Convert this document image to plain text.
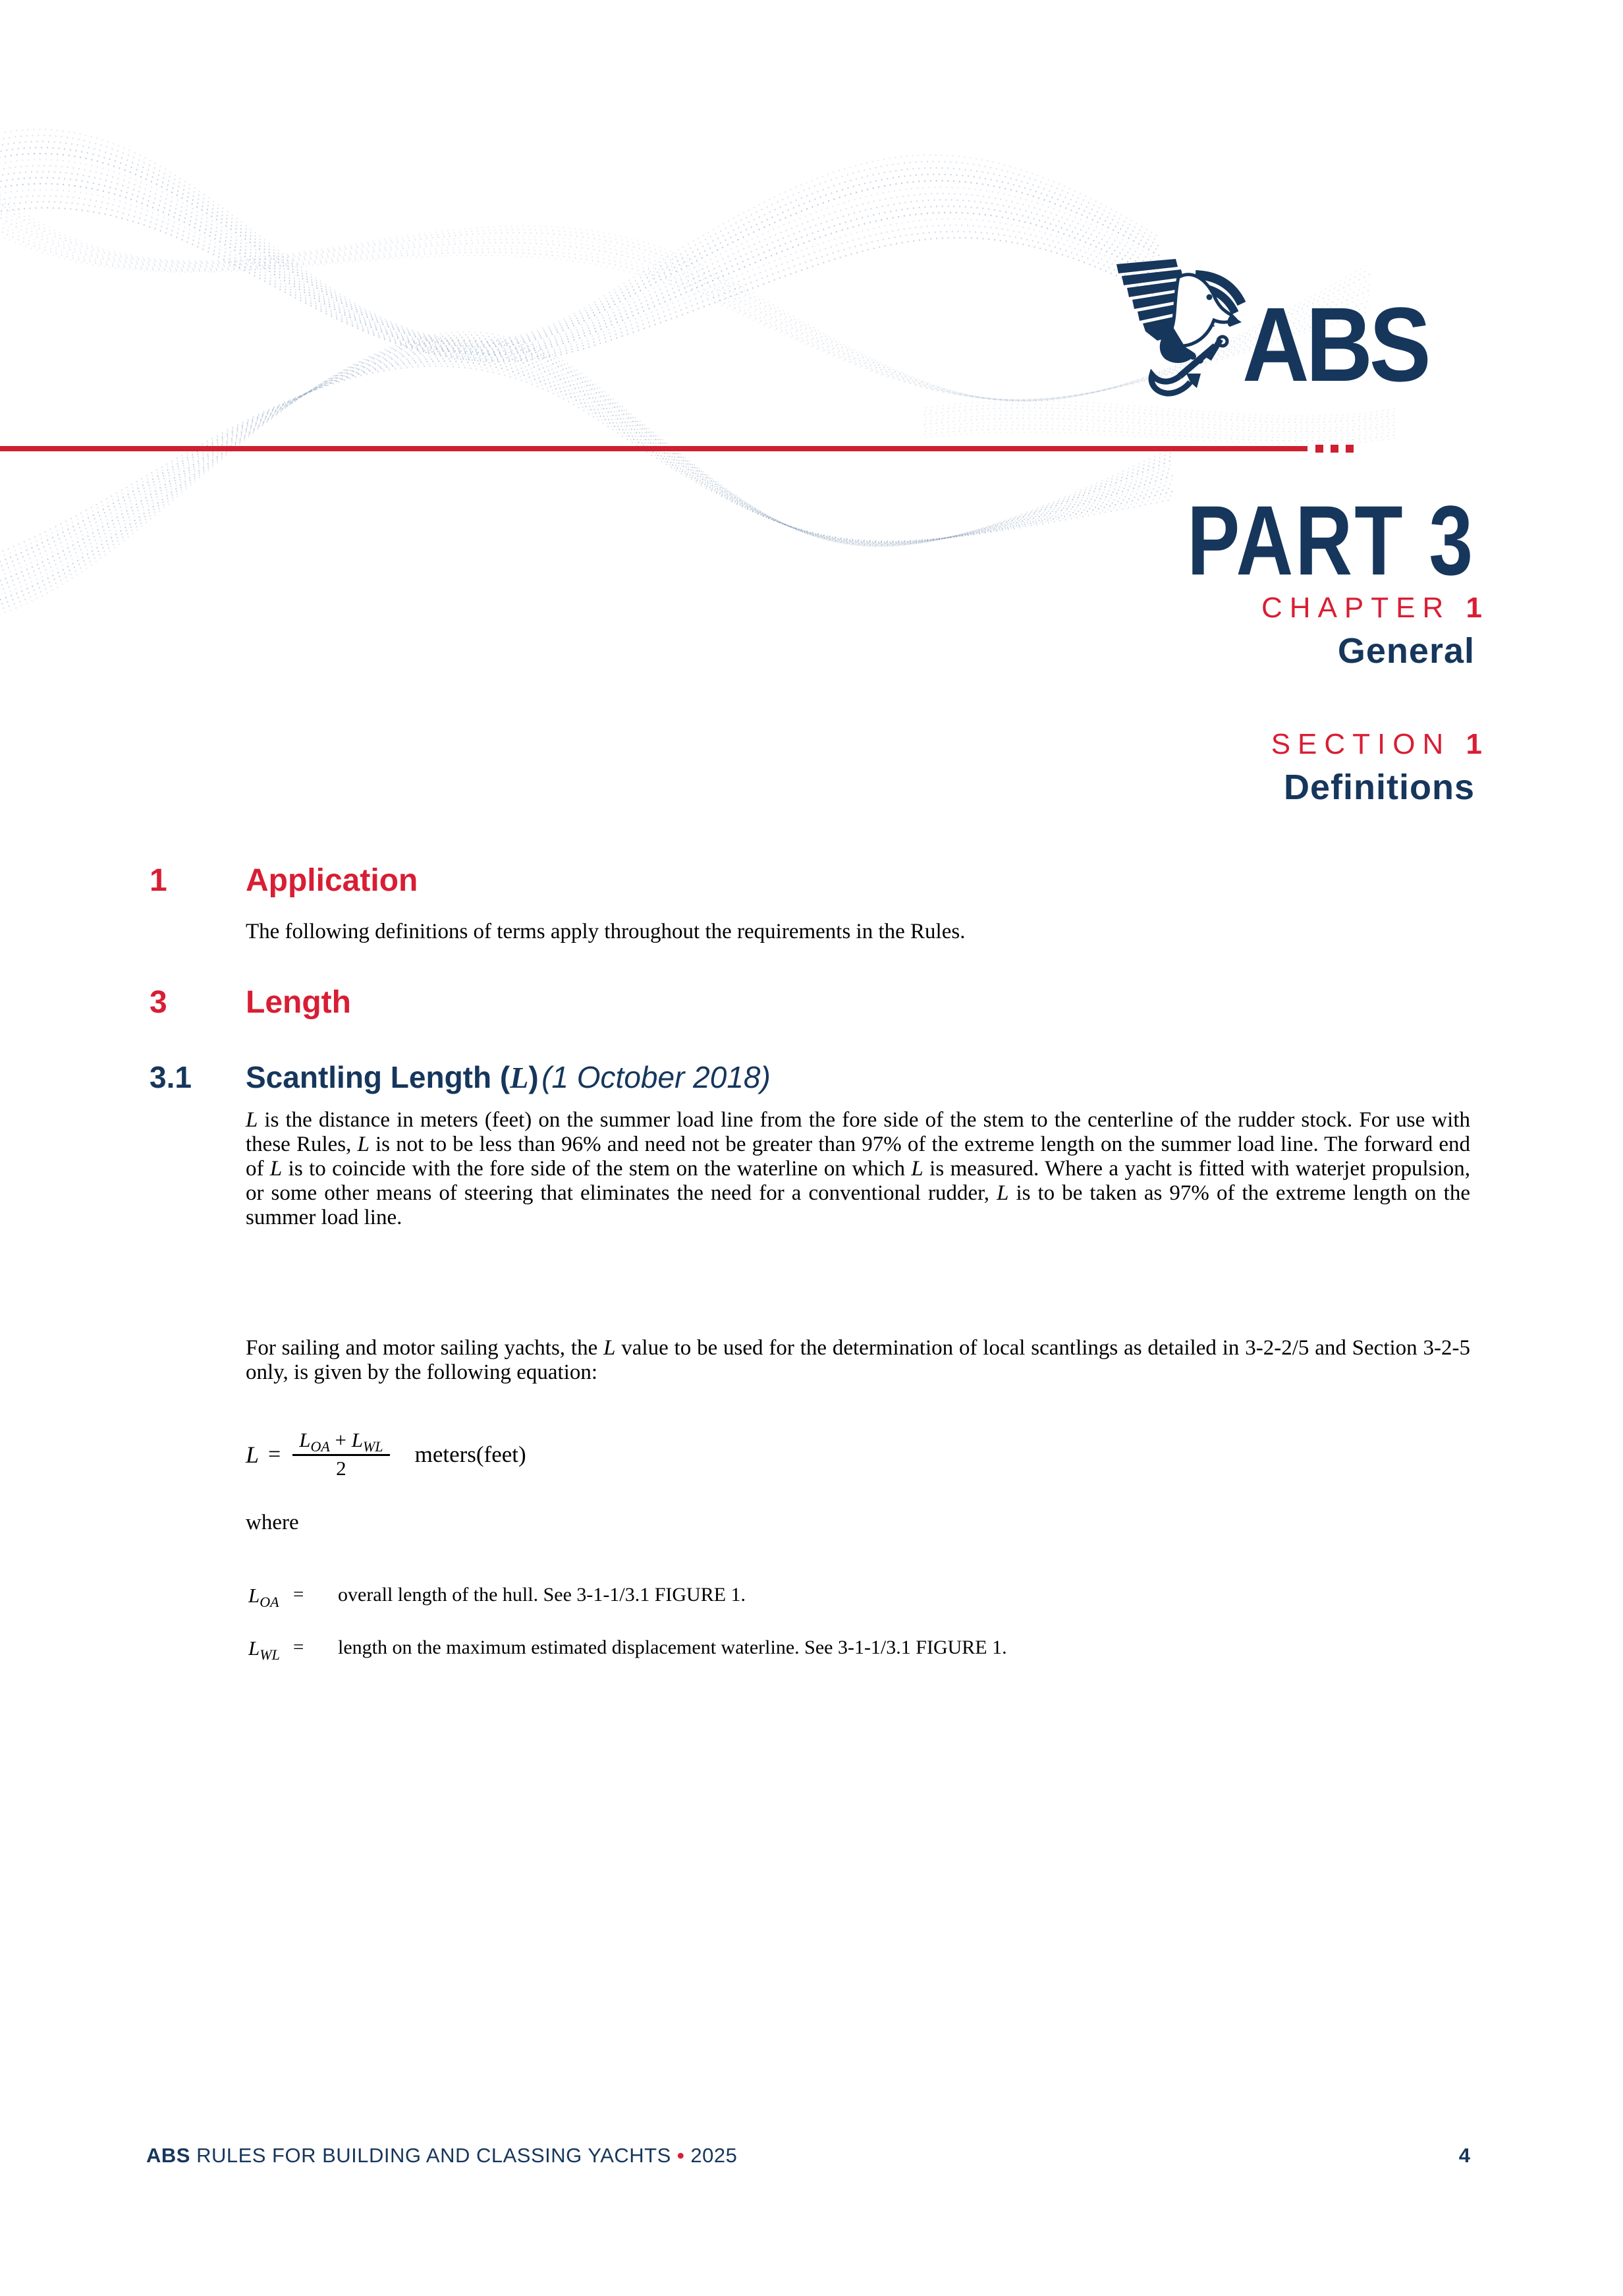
ABS
PART 3
CHAPTER 1
General
SECTION 1
Definitions
1 Application
The following definitions of terms apply throughout the requirements in the Rules.
3 Length
3.1 Scantling Length (L) (1 October 2018)
L is the distance in meters (feet) on the summer load line from the fore side of the stem to the centerline of the rudder stock. For use with these Rules, L is not to be less than 96% and need not be greater than 97% of the extreme length on the summer load line. The forward end of L is to coincide with the fore side of the stem on the waterline on which L is measured. Where a yacht is fitted with waterjet propulsion, or some other means of steering that eliminates the need for a conventional rudder, L is to be taken as 97% of the extreme length on the summer load line.
For sailing and motor sailing yachts, the L value to be used for the determination of local scantlings as detailed in 3-2-2/5 and Section 3-2-5 only, is given by the following equation:
$L = \frac{L_{OA} + L_{WL}}{2}$ meters(feet)
where
$L_{OA}$ =	overall length of the hull. See 3-1-1/3.1 FIGURE 1.
$L_{WL}$ =	length on the maximum estimated displacement waterline. See 3-1-1/3.1 FIGURE 1.
ABS RULES FOR BUILDING AND CLASSING YACHTS • 2025	4
